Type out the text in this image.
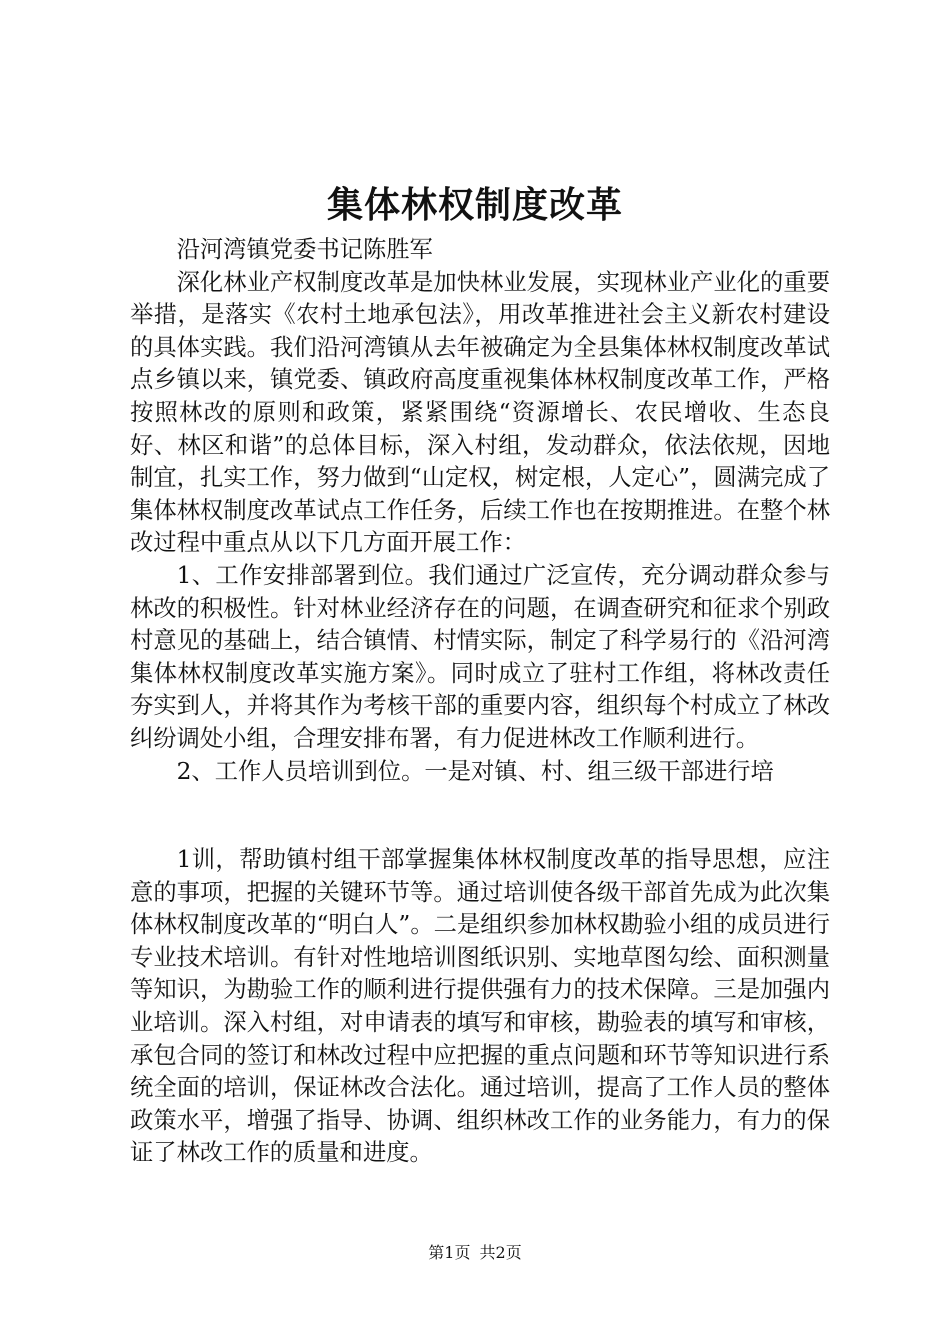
集体林权制度改革

沿河湾镇党委书记陈胜军

深化林业产权制度改革是加快林业发展，实现林业产业化的重要举措，是落实《农村土地承包法》，用改革推进社会主义新农村建设的具体实践。我们沿河湾镇从去年被确定为全县集体林权制度改革试点乡镇以来，镇党委、镇政府高度重视集体林权制度改革工作，严格按照林改的原则和政策，紧紧围绕“资源增长、农民增收、生态良好、林区和谐”的总体目标，深入村组，发动群众，依法依规，因地制宜，扎实工作，努力做到“山定权，树定根，人定心”，圆满完成了集体林权制度改革试点工作任务，后续工作也在按期推进。在整个林改过程中重点从以下几方面开展工作：

1、工作安排部署到位。我们通过广泛宣传，充分调动群众参与林改的积极性。针对林业经济存在的问题，在调查研究和征求个别政村意见的基础上，结合镇情、村情实际，制定了科学易行的《沿河湾集体林权制度改革实施方案》。同时成立了驻村工作组，将林改责任夯实到人，并将其作为考核干部的重要内容，组织每个村成立了林改纠纷调处小组，合理安排布署，有力促进林改工作顺利进行。

2、工作人员培训到位。一是对镇、村、组三级干部进行培

1训，帮助镇村组干部掌握集体林权制度改革的指导思想，应注意的事项，把握的关键环节等。通过培训使各级干部首先成为此次集体林权制度改革的“明白人”。二是组织参加林权勘验小组的成员进行专业技术培训。有针对性地培训图纸识别、实地草图勾绘、面积测量等知识，为勘验工作的顺利进行提供强有力的技术保障。三是加强内业培训。深入村组，对申请表的填写和审核，勘验表的填写和审核，承包合同的签订和林改过程中应把握的重点问题和环节等知识进行系统全面的培训，保证林改合法化。通过培训，提高了工作人员的整体政策水平，增强了指导、协调、组织林改工作的业务能力，有力的保证了林改工作的质量和进度。

第1页 共2页
